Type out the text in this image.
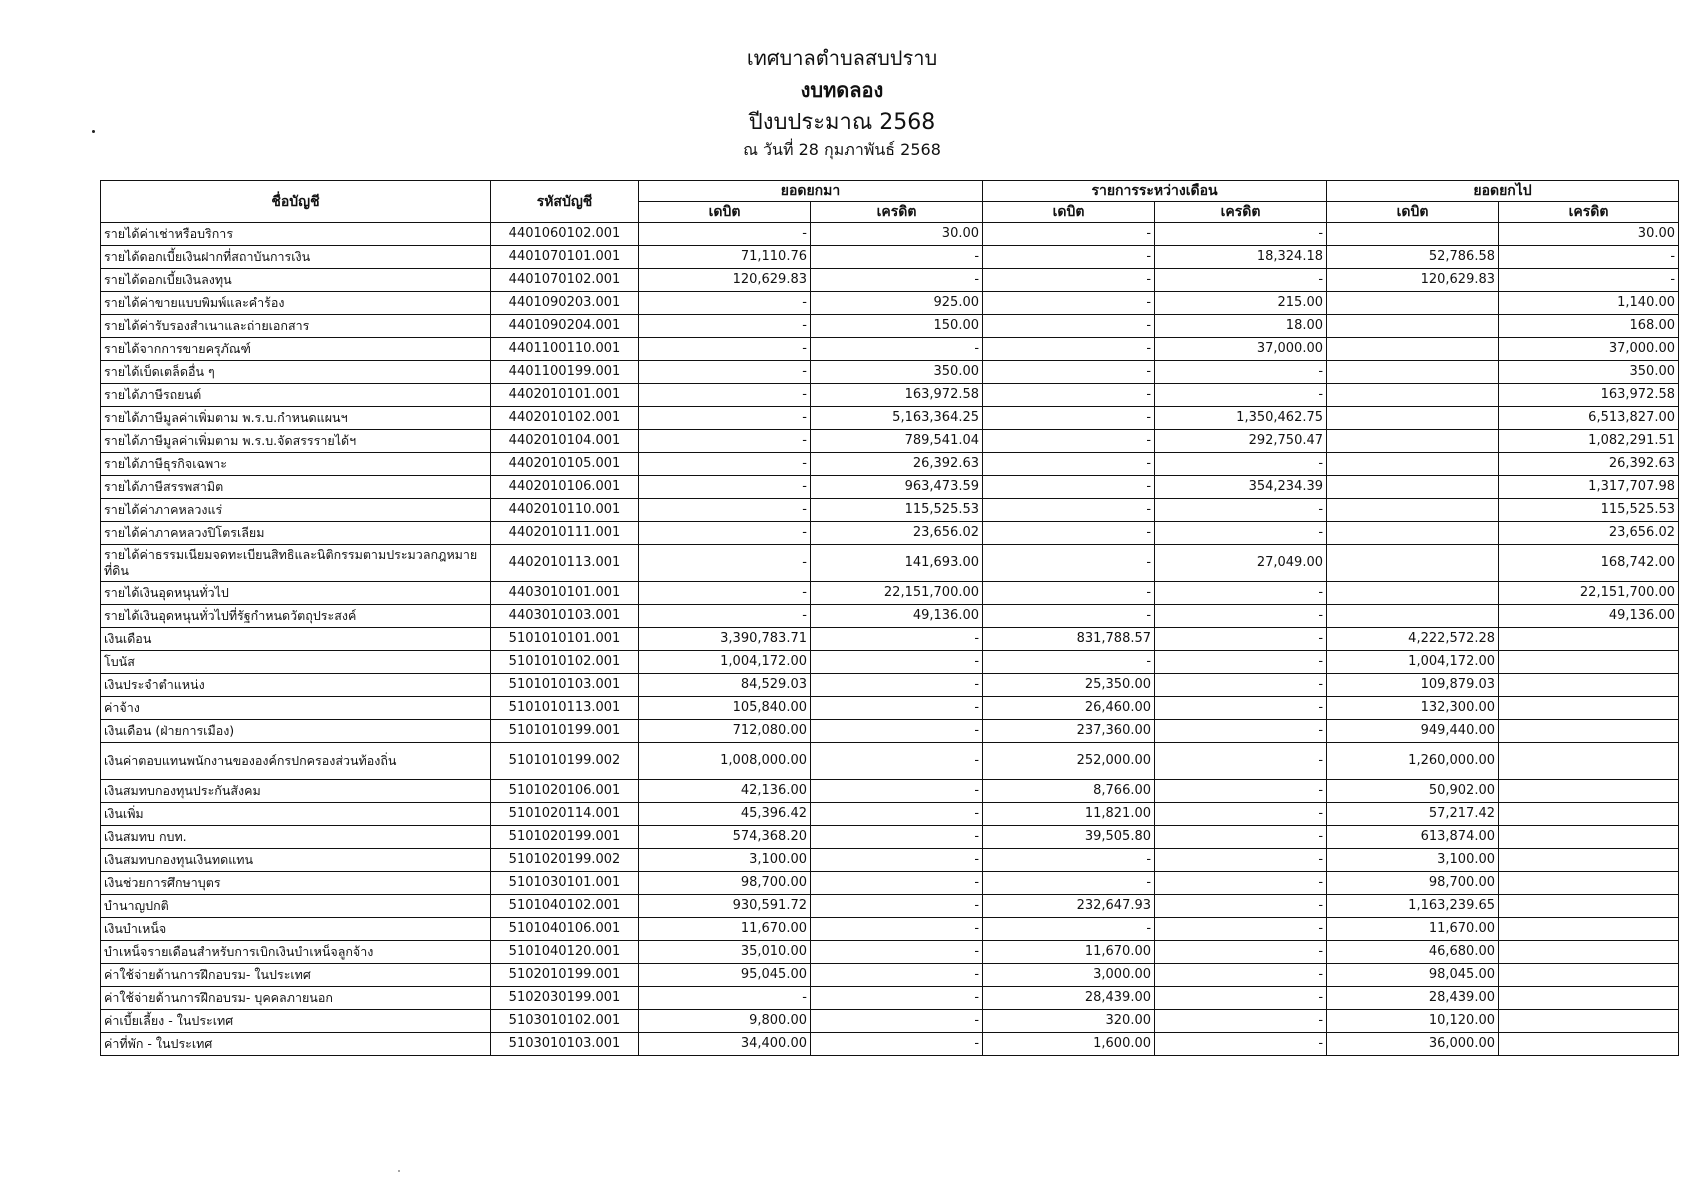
เทศบาลตำบลสบปราบ
งบทดลอง
ปีงบประมาณ 2568
ณ วันที่ 28 กุมภาพันธ์ 2568
ชื่อบัญชี	รหัสบัญชี	ยอดยกมา		รายการระหว่างเดือน		ยอดยกไป	
		เดบิต	เครดิต	เดบิต	เครดิต	เดบิต	เครดิต
รายได้ค่าเช่าหรือบริการ	4401060102.001	-	30.00	-	-		30.00
รายได้ดอกเบี้ยเงินฝากที่สถาบันการเงิน	4401070101.001	71,110.76	-	-	18,324.18	52,786.58	-
รายได้ดอกเบี้ยเงินลงทุน	4401070102.001	120,629.83	-	-	-	120,629.83	-
รายได้ค่าขายแบบพิมพ์และคำร้อง	4401090203.001	-	925.00	-	215.00		1,140.00
รายได้ค่ารับรองสำเนาและถ่ายเอกสาร	4401090204.001	-	150.00	-	18.00		168.00
รายได้จากการขายครุภัณฑ์	4401100110.001	-	-	-	37,000.00		37,000.00
รายได้เบ็ดเตล็ดอื่น ๆ	4401100199.001	-	350.00	-	-		350.00
รายได้ภาษีรถยนต์	4402010101.001	-	163,972.58	-	-		163,972.58
รายได้ภาษีมูลค่าเพิ่มตาม พ.ร.บ.กำหนดแผนฯ	4402010102.001	-	5,163,364.25	-	1,350,462.75		6,513,827.00
รายได้ภาษีมูลค่าเพิ่มตาม พ.ร.บ.จัดสรรรายได้ฯ	4402010104.001	-	789,541.04	-	292,750.47		1,082,291.51
รายได้ภาษีธุรกิจเฉพาะ	4402010105.001	-	26,392.63	-	-		26,392.63
รายได้ภาษีสรรพสามิต	4402010106.001	-	963,473.59	-	354,234.39		1,317,707.98
รายได้ค่าภาคหลวงแร่	4402010110.001	-	115,525.53	-	-		115,525.53
รายได้ค่าภาคหลวงปิโตรเลียม	4402010111.001	-	23,656.02	-	-		23,656.02
รายได้ค่าธรรมเนียมจดทะเบียนสิทธิและนิติกรรมตามประมวลกฎหมายที่ดิน	4402010113.001	-	141,693.00	-	27,049.00		168,742.00
รายได้เงินอุดหนุนทั่วไป	4403010101.001	-	22,151,700.00	-	-		22,151,700.00
รายได้เงินอุดหนุนทั่วไปที่รัฐกำหนดวัตถุประสงค์	4403010103.001	-	49,136.00	-	-		49,136.00
เงินเดือน	5101010101.001	3,390,783.71	-	831,788.57	-	4,222,572.28	
โบนัส	5101010102.001	1,004,172.00	-	-	-	1,004,172.00	
เงินประจำตำแหน่ง	5101010103.001	84,529.03	-	25,350.00	-	109,879.03	
ค่าจ้าง	5101010113.001	105,840.00	-	26,460.00	-	132,300.00	
เงินเดือน (ฝ่ายการเมือง)	5101010199.001	712,080.00	-	237,360.00	-	949,440.00	
เงินค่าตอบแทนพนักงานขององค์กรปกครองส่วนท้องถิ่น	5101010199.002	1,008,000.00	-	252,000.00	-	1,260,000.00	
เงินสมทบกองทุนประกันสังคม	5101020106.001	42,136.00	-	8,766.00	-	50,902.00	
เงินเพิ่ม	5101020114.001	45,396.42	-	11,821.00	-	57,217.42	
เงินสมทบ กบท.	5101020199.001	574,368.20	-	39,505.80	-	613,874.00	
เงินสมทบกองทุนเงินทดแทน	5101020199.002	3,100.00	-	-	-	3,100.00	
เงินช่วยการศึกษาบุตร	5101030101.001	98,700.00	-	-	-	98,700.00	
บำนาญปกติ	5101040102.001	930,591.72	-	232,647.93	-	1,163,239.65	
เงินบำเหน็จ	5101040106.001	11,670.00	-	-	-	11,670.00	
บำเหน็จรายเดือนสำหรับการเบิกเงินบำเหน็จลูกจ้าง	5101040120.001	35,010.00	-	11,670.00	-	46,680.00	
ค่าใช้จ่ายด้านการฝึกอบรม- ในประเทศ	5102010199.001	95,045.00	-	3,000.00	-	98,045.00	
ค่าใช้จ่ายด้านการฝึกอบรม- บุคคลภายนอก	5102030199.001	-	-	28,439.00	-	28,439.00	
ค่าเบี้ยเลี้ยง - ในประเทศ	5103010102.001	9,800.00	-	320.00	-	10,120.00	
ค่าที่พัก - ในประเทศ	5103010103.001	34,400.00	-	1,600.00	-	36,000.00	
